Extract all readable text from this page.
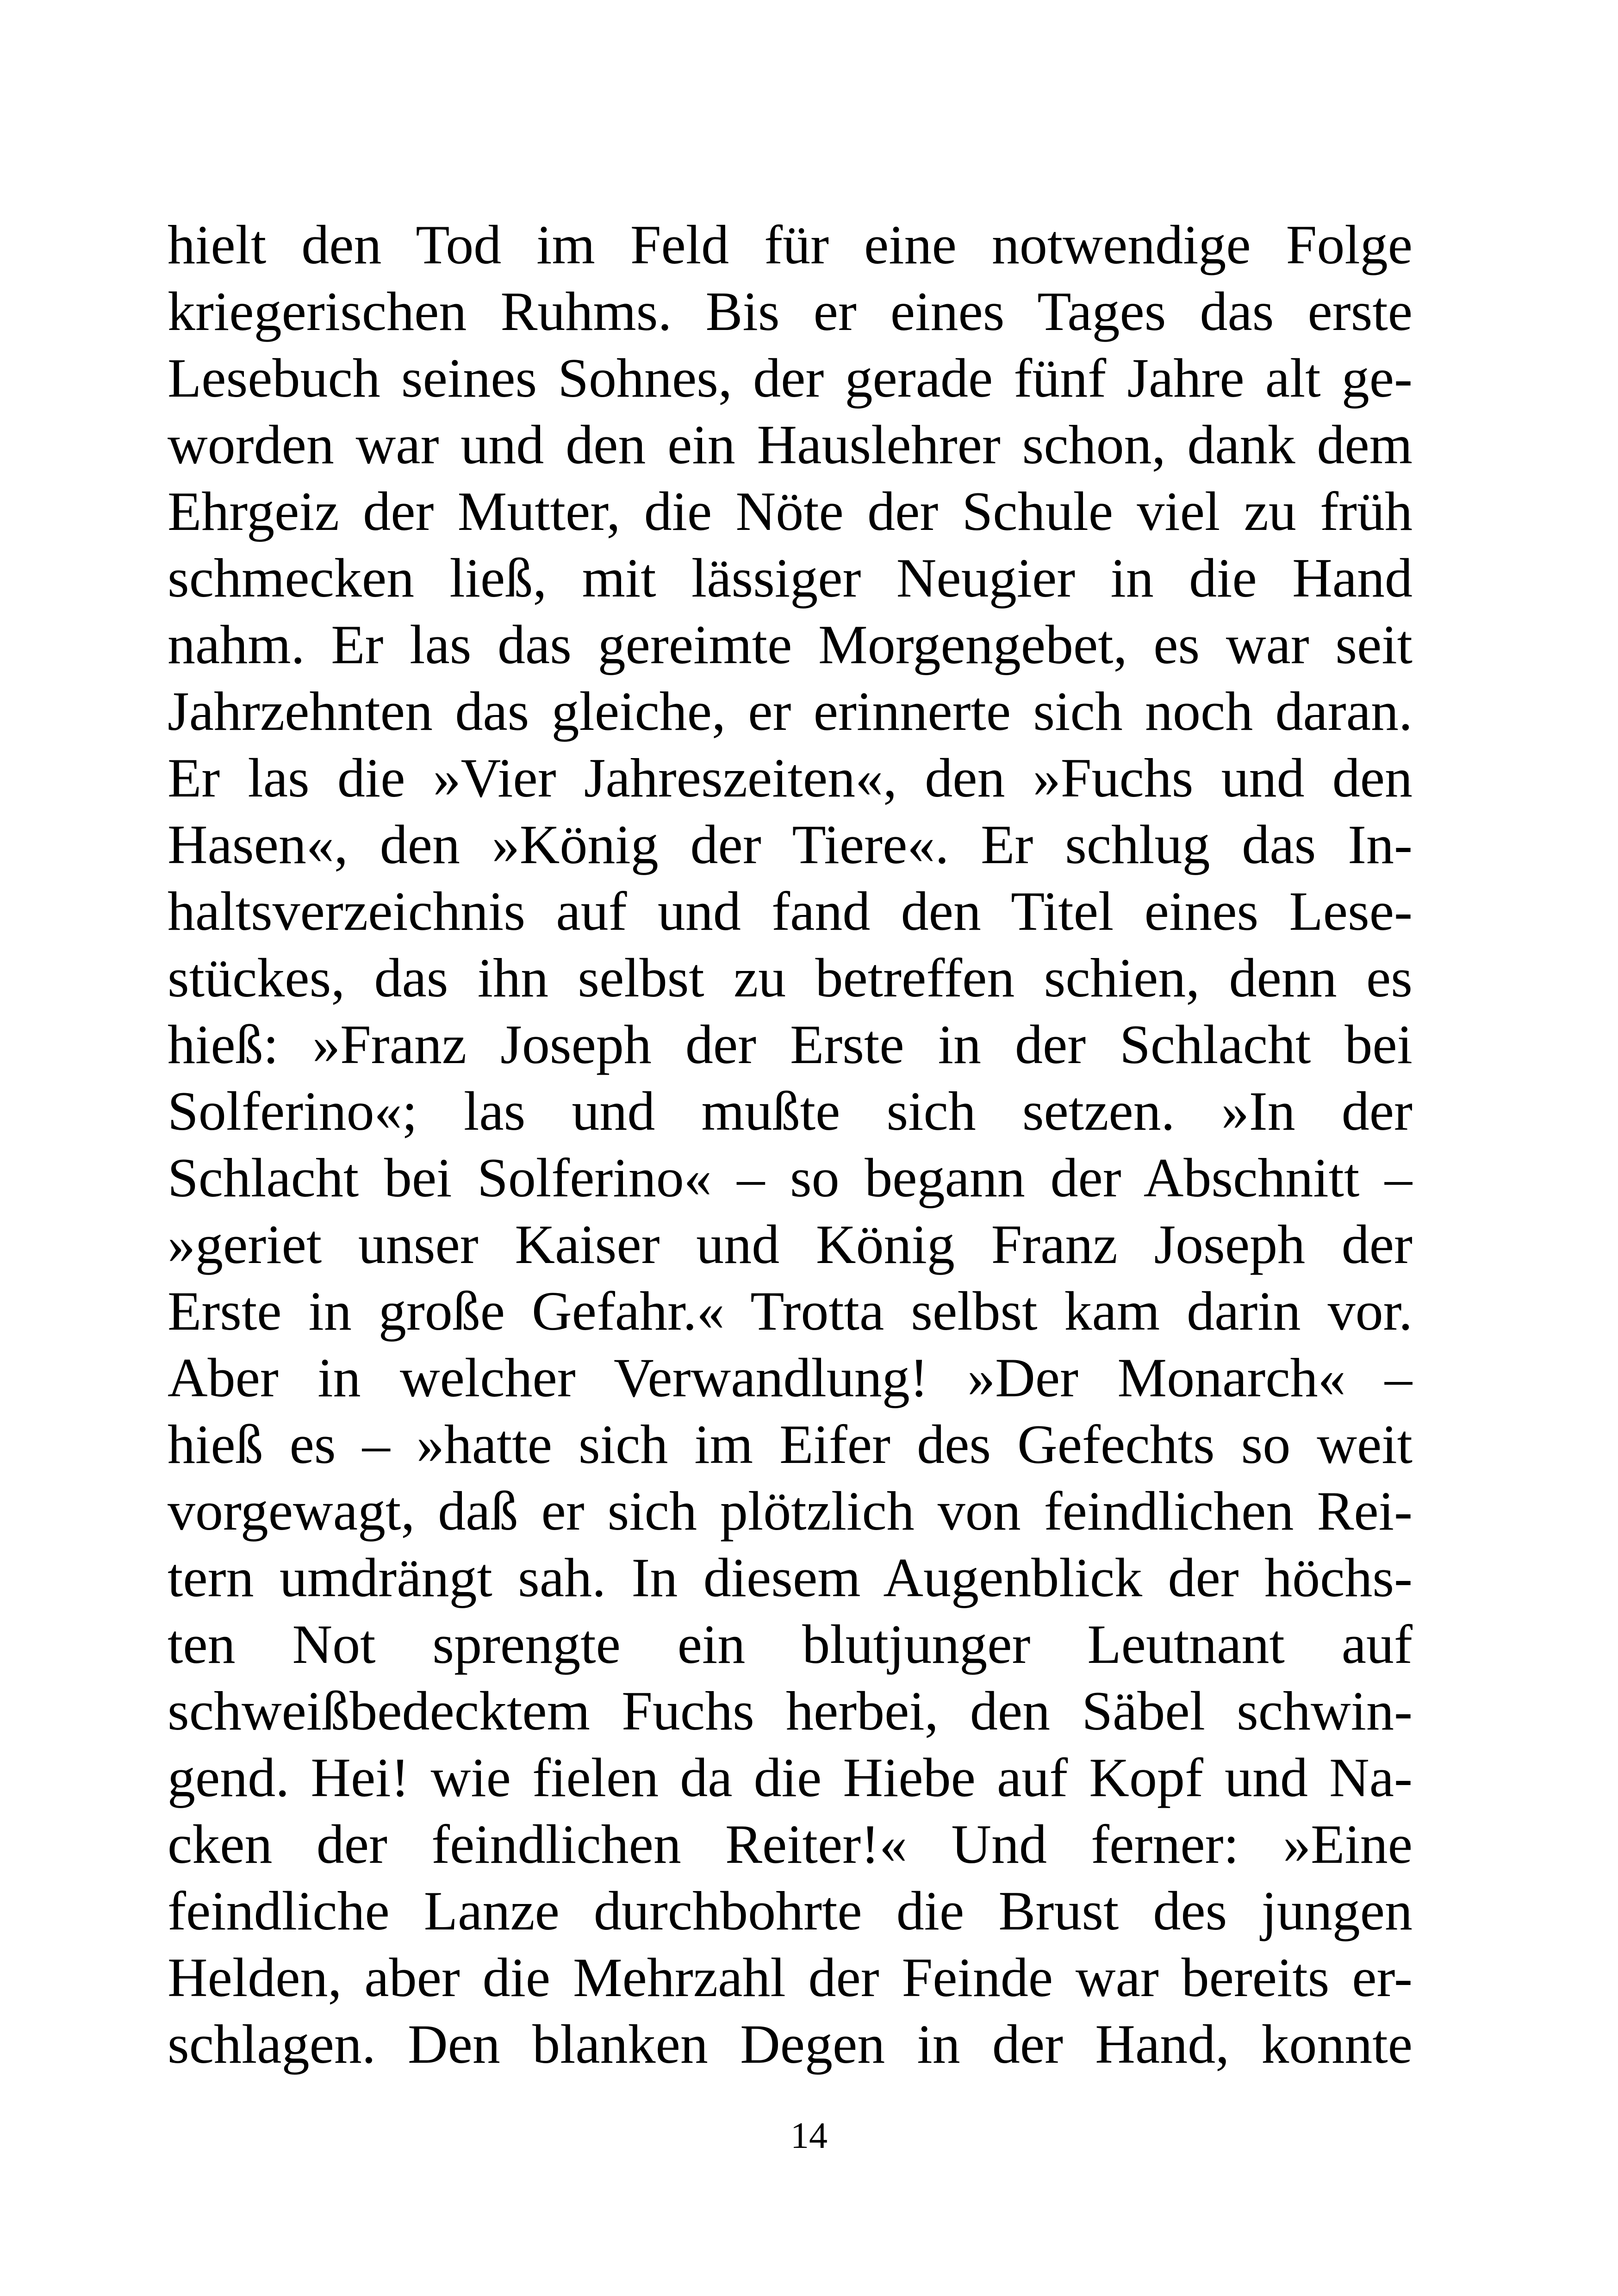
hielt den Tod im Feld für eine notwendige Folge
kriegerischen Ruhms. Bis er eines Tages das erste
Lesebuch seines Sohnes, der gerade fünf Jahre alt ge-
worden war und den ein Hauslehrer schon, dank dem
Ehrgeiz der Mutter, die Nöte der Schule viel zu früh
schmecken ließ, mit lässiger Neugier in die Hand
nahm. Er las das gereimte Morgengebet, es war seit
Jahrzehnten das gleiche, er erinnerte sich noch daran.
Er las die »Vier Jahreszeiten«, den »Fuchs und den
Hasen«, den »König der Tiere«. Er schlug das In-
haltsverzeichnis auf und fand den Titel eines Lese-
stückes, das ihn selbst zu betreffen schien, denn es
hieß: »Franz Joseph der Erste in der Schlacht bei
Solferino«; las und mußte sich setzen. »In der
Schlacht bei Solferino« – so begann der Abschnitt –
»geriet unser Kaiser und König Franz Joseph der
Erste in große Gefahr.« Trotta selbst kam darin vor.
Aber in welcher Verwandlung! »Der Monarch« –
hieß es – »hatte sich im Eifer des Gefechts so weit
vorgewagt, daß er sich plötzlich von feindlichen Rei-
tern umdrängt sah. In diesem Augenblick der höchs-
ten Not sprengte ein blutjunger Leutnant auf
schweißbedecktem Fuchs herbei, den Säbel schwin-
gend. Hei! wie fielen da die Hiebe auf Kopf und Na-
cken der feindlichen Reiter!« Und ferner: »Eine
feindliche Lanze durchbohrte die Brust des jungen
Helden, aber die Mehrzahl der Feinde war bereits er-
schlagen. Den blanken Degen in der Hand, konnte
14
